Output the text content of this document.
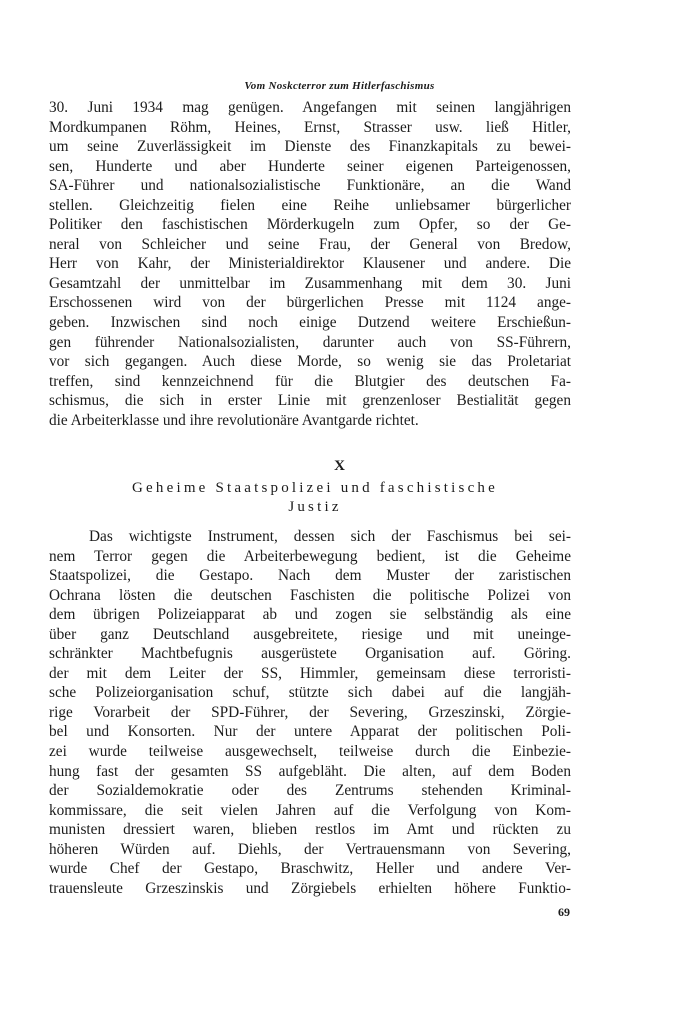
Vom Noskcterror zum Hitlerfaschismus
30. Juni 1934 mag genügen. Angefangen mit seinen langjährigen
Mordkumpanen Röhm, Heines, Ernst, Strasser usw. ließ Hitler,
um seine Zuverlässigkeit im Dienste des Finanzkapitals zu bewei-
sen, Hunderte und aber Hunderte seiner eigenen Parteigenossen,
SA-Führer und nationalsozialistische Funktionäre, an die Wand
stellen. Gleichzeitig fielen eine Reihe unliebsamer bürgerlicher
Politiker den faschistischen Mörderkugeln zum Opfer, so der Ge-
neral von Schleicher und seine Frau, der General von Bredow,
Herr von Kahr, der Ministerialdirektor Klausener und andere. Die
Gesamtzahl der unmittelbar im Zusammenhang mit dem 30. Juni
Erschossenen wird von der bürgerlichen Presse mit 1124 ange-
geben. Inzwischen sind noch einige Dutzend weitere Erschießun-
gen führender Nationalsozialisten, darunter auch von SS-Führern,
vor sich gegangen. Auch diese Morde, so wenig sie das Proletariat
treffen, sind kennzeichnend für die Blutgier des deutschen Fa-
schismus, die sich in erster Linie mit grenzenloser Bestialität gegen
die Arbeiterklasse und ihre revolutionäre Avantgarde richtet.
X
Geheime Staatspolizei und faschistische
Justiz
Das wichtigste Instrument, dessen sich der Faschismus bei sei-
nem Terror gegen die Arbeiterbewegung bedient, ist die Geheime
Staatspolizei, die Gestapo. Nach dem Muster der zaristischen
Ochrana lösten die deutschen Faschisten die politische Polizei von
dem übrigen Polizeiapparat ab und zogen sie selbständig als eine
über ganz Deutschland ausgebreitete, riesige und mit uneinge-
schränkter Machtbefugnis ausgerüstete Organisation auf. Göring.
der mit dem Leiter der SS, Himmler, gemeinsam diese terroristi-
sche Polizeiorganisation schuf, stützte sich dabei auf die langjäh-
rige Vorarbeit der SPD-Führer, der Severing, Grzeszinski, Zörgie-
bel und Konsorten. Nur der untere Apparat der politischen Poli-
zei wurde teilweise ausgewechselt, teilweise durch die Einbezie-
hung fast der gesamten SS aufgebläht. Die alten, auf dem Boden
der Sozialdemokratie oder des Zentrums stehenden Kriminal-
kommissare, die seit vielen Jahren auf die Verfolgung von Kom-
munisten dressiert waren, blieben restlos im Amt und rückten zu
höheren Würden auf. Diehls, der Vertrauensmann von Severing,
wurde Chef der Gestapo, Braschwitz, Heller und andere Ver-
trauensleute Grzeszinskis und Zörgiebels erhielten höhere Funktio-
69
